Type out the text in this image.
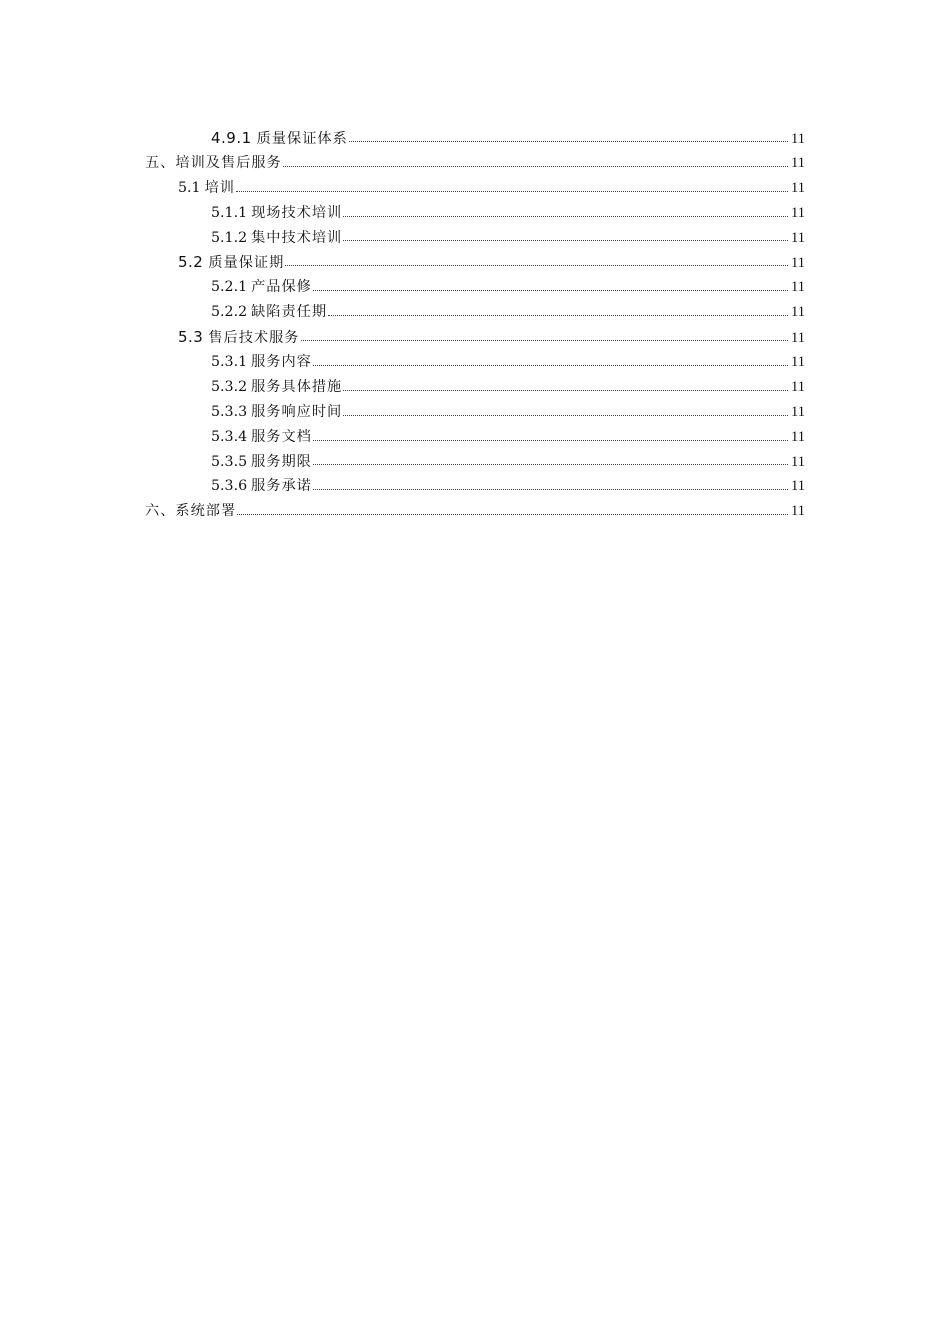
4.9.1 质量保证体系	11
五、培训及售后服务	11
5.1 培训	11
5.1.1 现场技术培训	11
5.1.2 集中技术培训	11
5.2 质量保证期	11
5.2.1 产品保修	11
5.2.2 缺陷责任期	11
5.3 售后技术服务	11
5.3.1 服务内容	11
5.3.2 服务具体措施	11
5.3.3 服务响应时间	11
5.3.4 服务文档	11
5.3.5 服务期限	11
5.3.6 服务承诺	11
六、系统部署	11
